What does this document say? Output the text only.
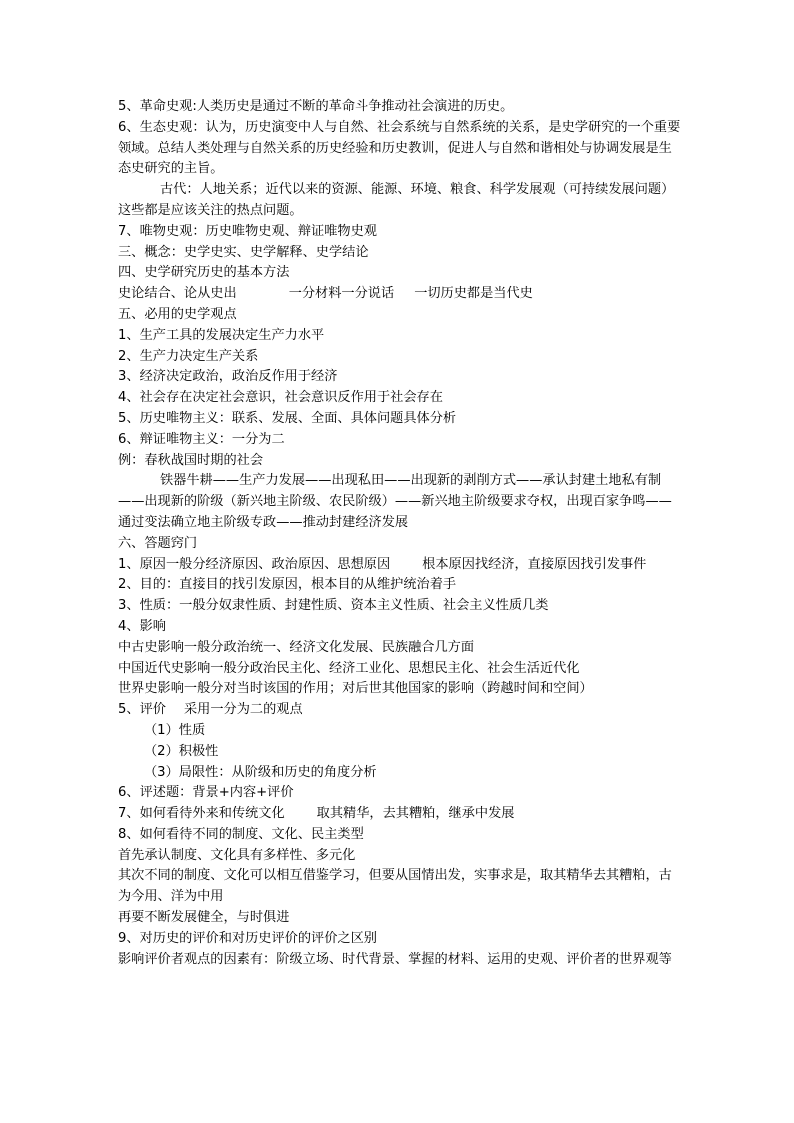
5、革命史观:人类历史是通过不断的革命斗争推动社会演进的历史。
6、生态史观：认为，历史演变中人与自然、社会系统与自然系统的关系，是史学研究的一个重要领域。总结人类处理与自然关系的历史经验和历史教训，促进人与自然和谐相处与协调发展是生态史研究的主旨。
古代：人地关系；近代以来的资源、能源、环境、粮食、科学发展观（可持续发展问题）这些都是应该关注的热点问题。
7、唯物史观：历史唯物史观、辩证唯物史观
三、概念：史学史实、史学解释、史学结论
四、史学研究历史的基本方法
史论结合、论从史出	一分材料一分说话 一切历史都是当代史
五、必用的史学观点
1、生产工具的发展决定生产力水平
2、生产力决定生产关系
3、经济决定政治，政治反作用于经济
4、社会存在决定社会意识，社会意识反作用于社会存在
5、历史唯物主义：联系、发展、全面、具体问题具体分析
6、辩证唯物主义：一分为二
例：春秋战国时期的社会
铁器牛耕——生产力发展——出现私田——出现新的剥削方式——承认封建土地私有制——出现新的阶级（新兴地主阶级、农民阶级）——新兴地主阶级要求夺权，出现百家争鸣——通过变法确立地主阶级专政——推动封建经济发展
六、答题窍门
1、原因一般分经济原因、政治原因、思想原因 根本原因找经济，直接原因找引发事件
2、目的：直接目的找引发原因，根本目的从维护统治着手
3、性质：一般分奴隶性质、封建性质、资本主义性质、社会主义性质几类
4、影响
中古史影响一般分政治统一、经济文化发展、民族融合几方面
中国近代史影响一般分政治民主化、经济工业化、思想民主化、社会生活近代化
世界史影响一般分对当时该国的作用；对后世其他国家的影响（跨越时间和空间）
5、评价 采用一分为二的观点
（1）性质
（2）积极性
（3）局限性：从阶级和历史的角度分析
6、评述题：背景+内容+评价
7、如何看待外来和传统文化 取其精华，去其糟粕，继承中发展
8、如何看待不同的制度、文化、民主类型
首先承认制度、文化具有多样性、多元化
其次不同的制度、文化可以相互借鉴学习，但要从国情出发，实事求是，取其精华去其糟粕，古为今用、洋为中用
再要不断发展健全，与时俱进
9、对历史的评价和对历史评价的评价之区别
影响评价者观点的因素有：阶级立场、时代背景、掌握的材料、运用的史观、评价者的世界观等
